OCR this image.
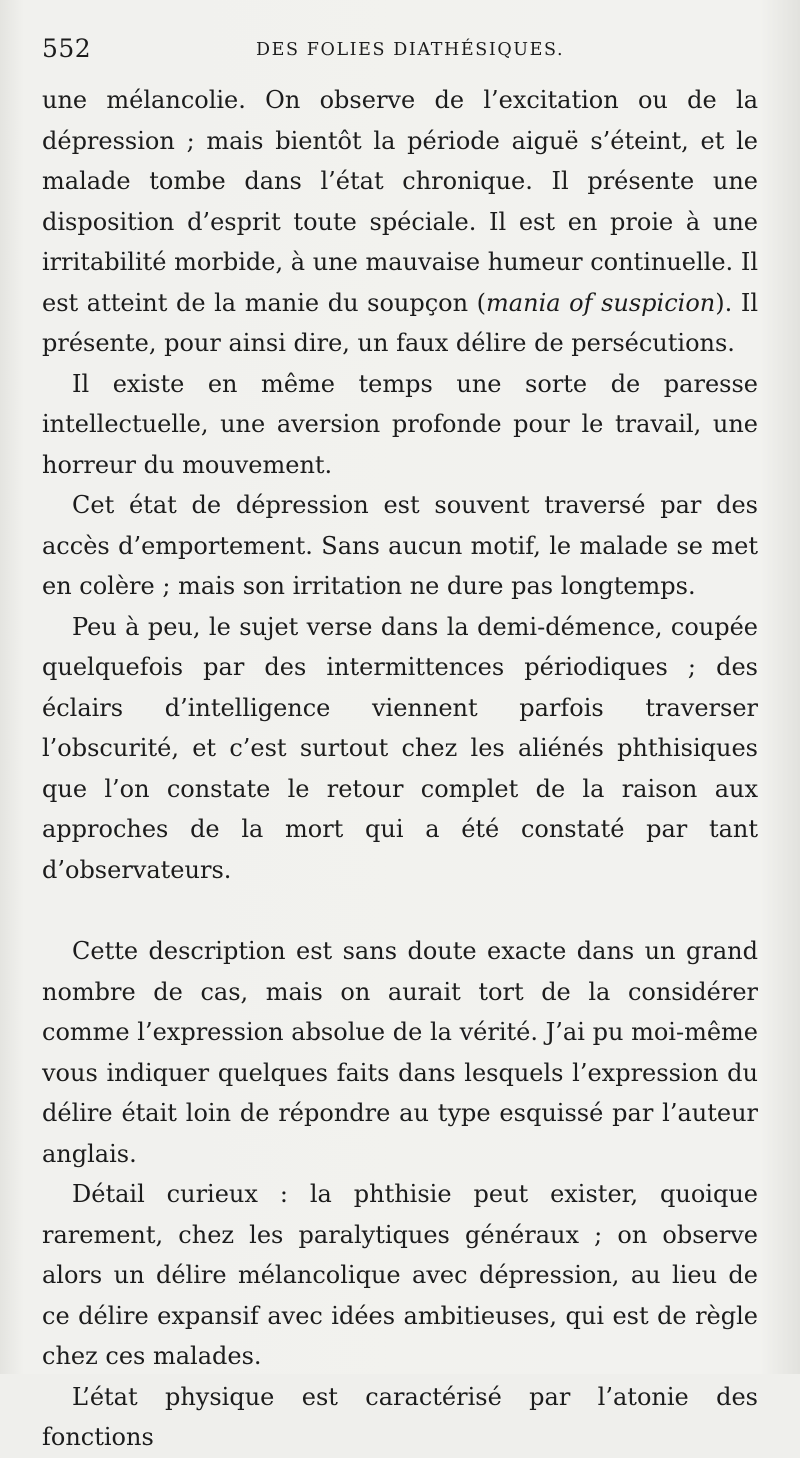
552	DES FOLIES DIATHÉSIQUES.

une mélancolie. On observe de l’excitation ou de la dépression ; mais bientôt la période aiguë s’éteint, et le malade tombe dans l’état chronique. Il présente une disposition d’esprit toute spéciale. Il est en proie à une irritabilité morbide, à une mauvaise humeur continuelle. Il est atteint de la manie du soupçon (mania of suspicion). Il présente, pour ainsi dire, un faux délire de persécutions.

Il existe en même temps une sorte de paresse intellectuelle, une aversion profonde pour le travail, une horreur du mouvement.

Cet état de dépression est souvent traversé par des accès d’emportement. Sans aucun motif, le malade se met en colère ; mais son irritation ne dure pas longtemps.

Peu à peu, le sujet verse dans la demi-démence, coupée quelquefois par des intermittences périodiques ; des éclairs d’intelligence viennent parfois traverser l’obscurité, et c’est surtout chez les aliénés phthisiques que l’on constate le retour complet de la raison aux approches de la mort qui a été constaté par tant d’observateurs.

Cette description est sans doute exacte dans un grand nombre de cas, mais on aurait tort de la considérer comme l’expression absolue de la vérité. J’ai pu moi-même vous indiquer quelques faits dans lesquels l’expression du délire était loin de répondre au type esquissé par l’auteur anglais.

Détail curieux : la phthisie peut exister, quoique rarement, chez les paralytiques généraux ; on observe alors un délire mélancolique avec dépression, au lieu de ce délire expansif avec idées ambitieuses, qui est de règle chez ces malades.

L’état physique est caractérisé par l’atonie des fonctions
